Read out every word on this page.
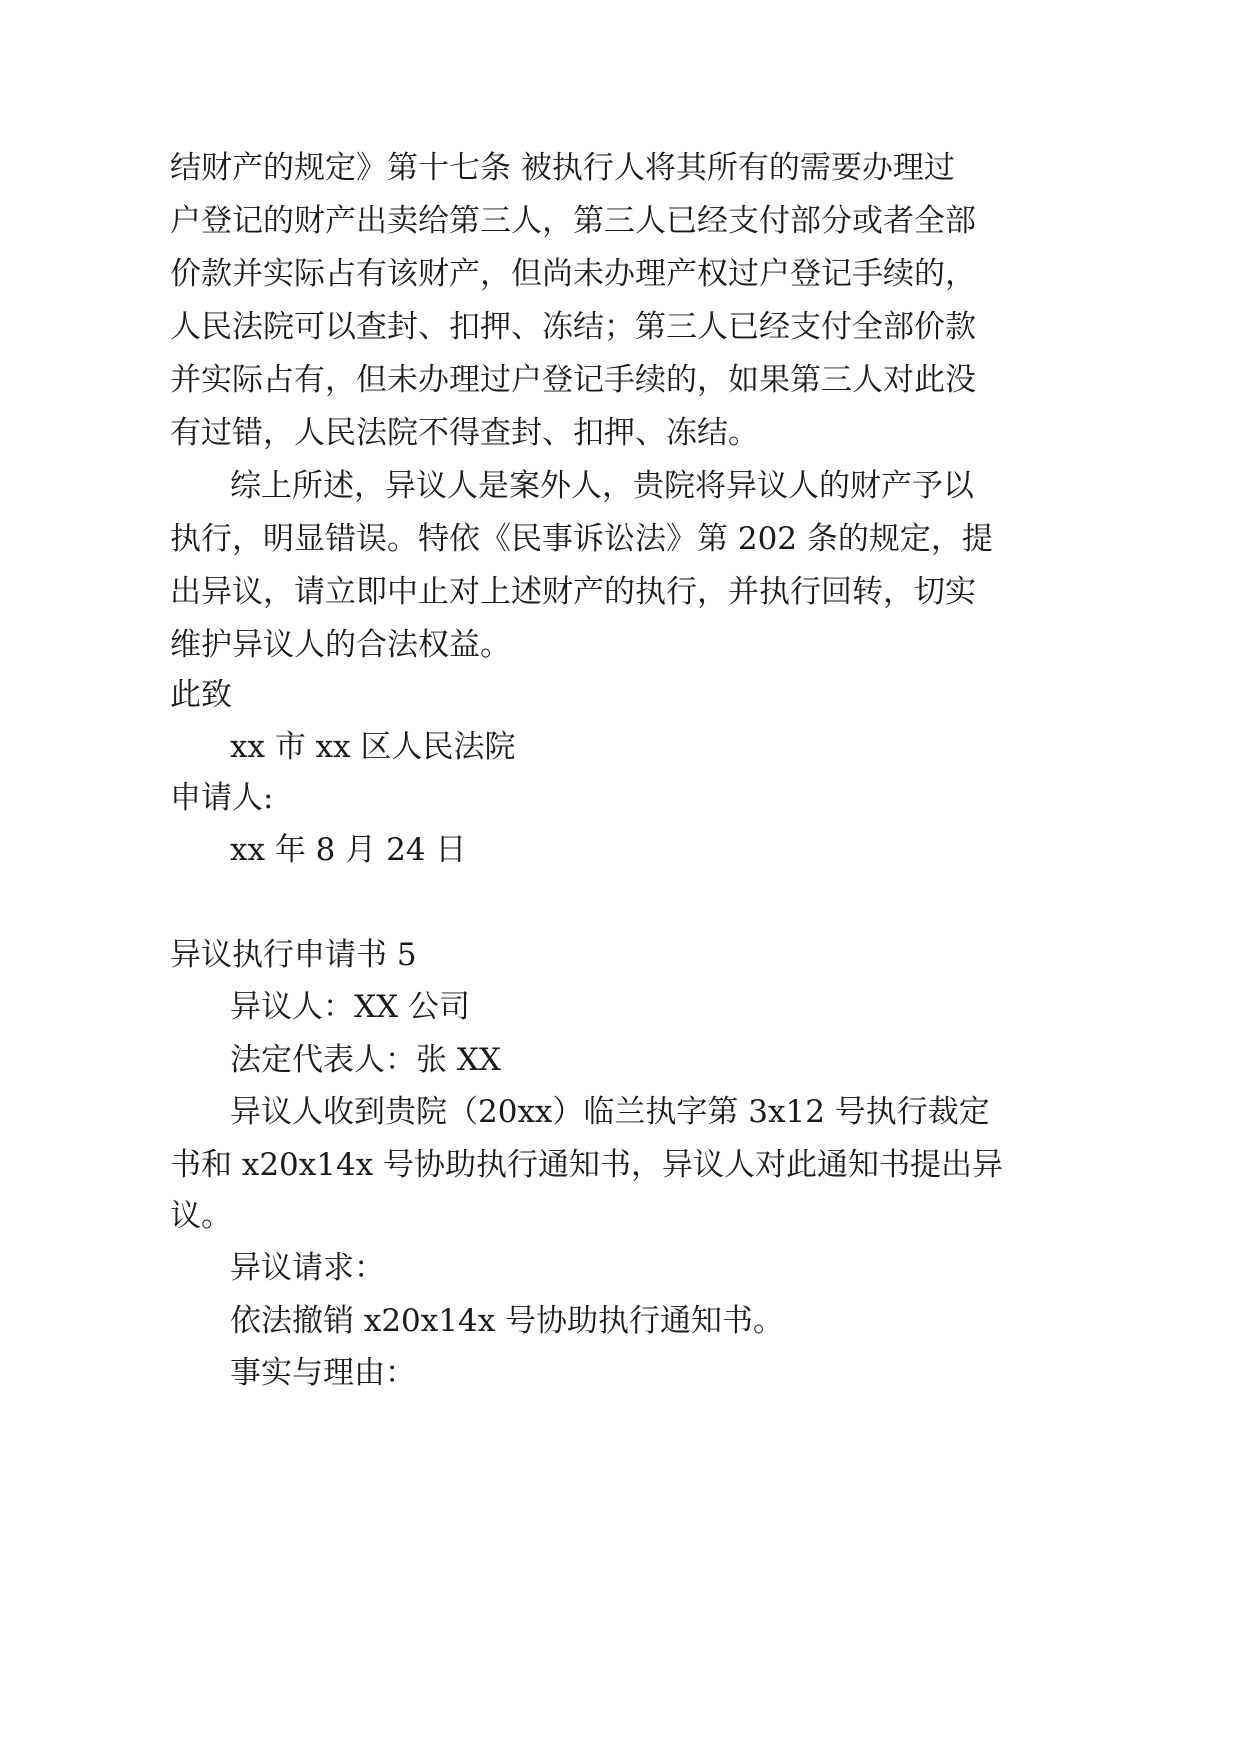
结财产的规定》第十七条 被执行人将其所有的需要办理过
户登记的财产出卖给第三人，第三人已经支付部分或者全部
价款并实际占有该财产，但尚未办理产权过户登记手续的，
人民法院可以查封、扣押、冻结；第三人已经支付全部价款
并实际占有，但未办理过户登记手续的，如果第三人对此没
有过错，人民法院不得查封、扣押、冻结。
综上所述，异议人是案外人，贵院将异议人的财产予以
执行，明显错误。特依《民事诉讼法》第 202 条的规定，提
出异议，请立即中止对上述财产的执行，并执行回转，切实
维护异议人的合法权益。
此致
xx 市 xx 区人民法院
申请人:
xx 年 8 月 24 日
异议执行申请书 5
异议人：XX 公司
法定代表人：张 XX
异议人收到贵院（20xx）临兰执字第 3x12 号执行裁定
书和 x20x14x 号协助执行通知书，异议人对此通知书提出异
议。
异议请求：
依法撤销 x20x14x 号协助执行通知书。
事实与理由：
